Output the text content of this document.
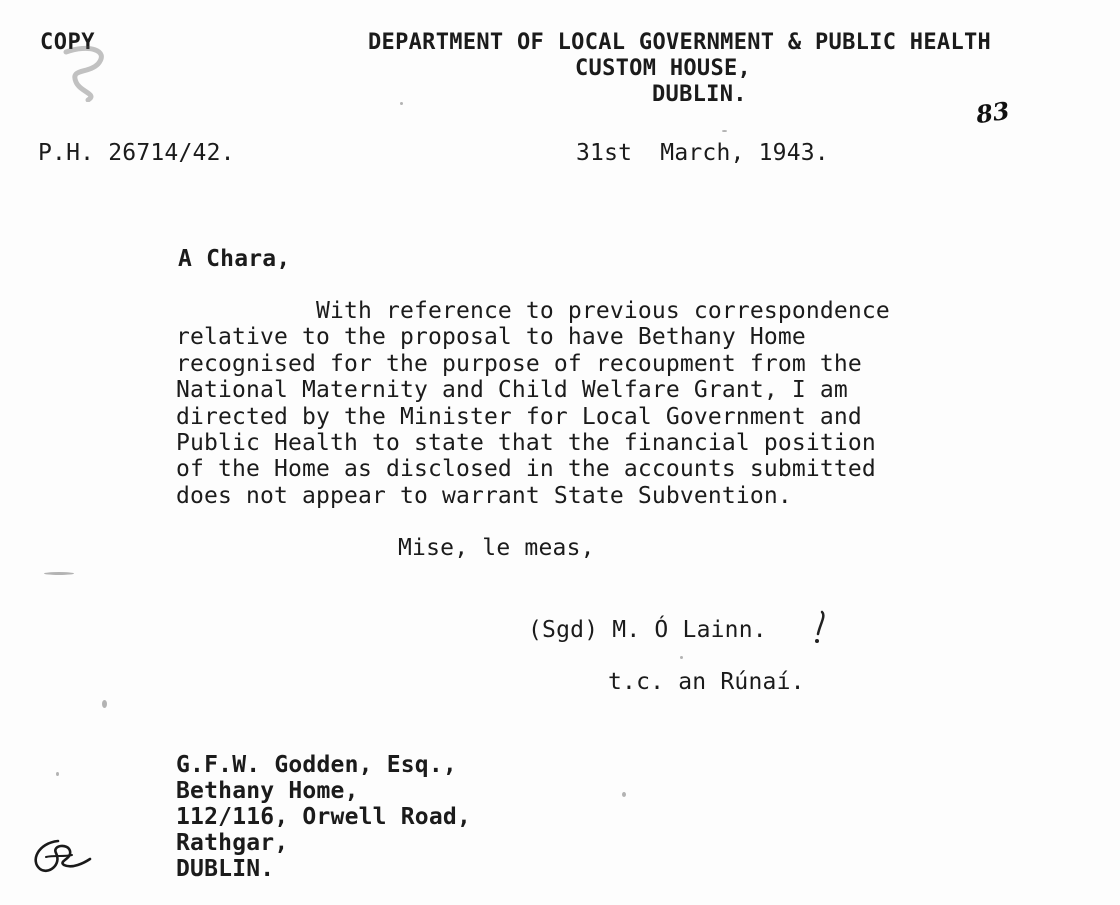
COPY	DEPARTMENT OF LOCAL GOVERNMENT & PUBLIC HEALTH
CUSTOM HOUSE,
DUBLIN.
83
P.H. 26714/42.	31st  March, 1943.
A Chara,
With reference to previous correspondence
relative to the proposal to have Bethany Home
recognised for the purpose of recoupment from the
National Maternity and Child Welfare Grant, I am
directed by the Minister for Local Government and
Public Health to state that the financial position
of the Home as disclosed in the accounts submitted
does not appear to warrant State Subvention.
Mise, le meas,
(Sgd) M. Ó Lainn.
t.c. an Rúnaí.
G.F.W. Godden, Esq.,
Bethany Home,
112/116, Orwell Road,
Rathgar,
DUBLIN.
